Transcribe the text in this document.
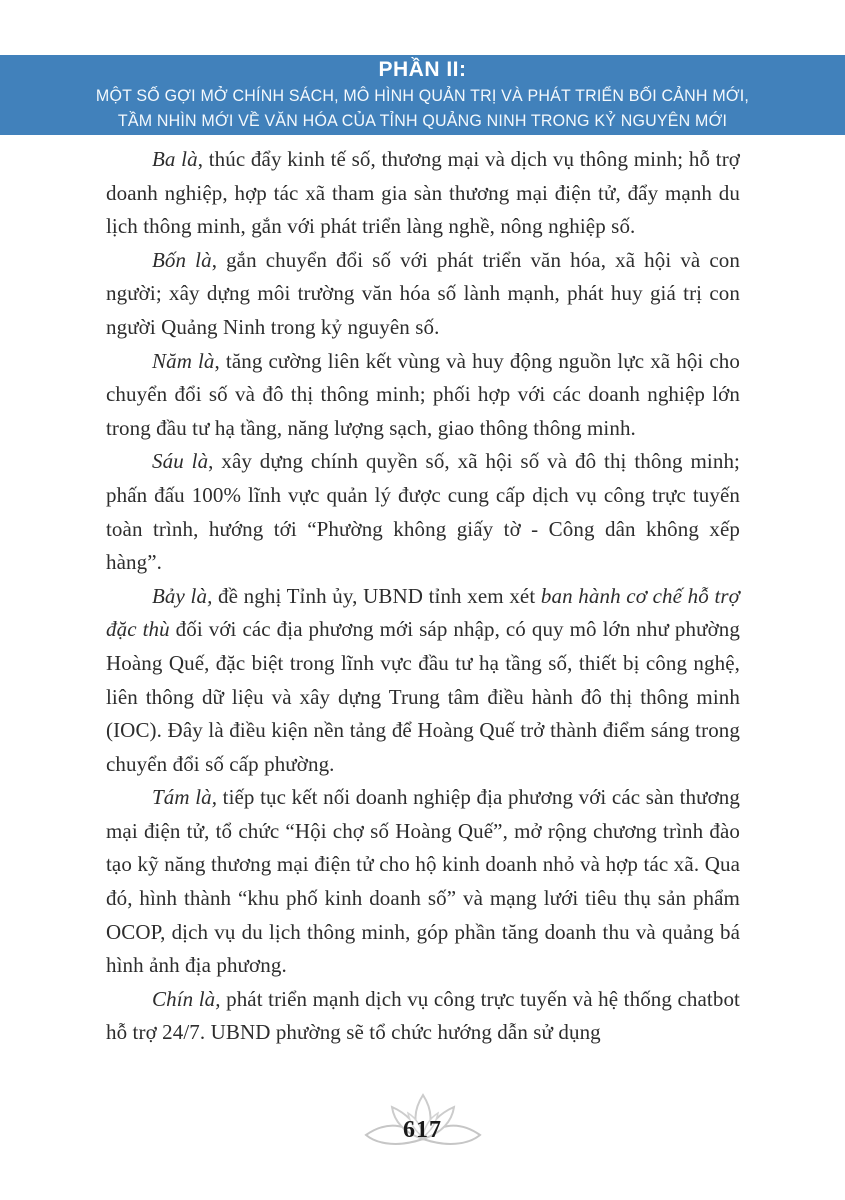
PHẦN II:
MỘT SỐ GỢI MỞ CHÍNH SÁCH, MÔ HÌNH QUẢN TRỊ VÀ PHÁT TRIỂN BỐI CẢNH MỚI,
TẦM NHÌN MỚI VỀ VĂN HÓA CỦA TỈNH QUẢNG NINH TRONG KỶ NGUYÊN MỚI

Ba là, thúc đẩy kinh tế số, thương mại và dịch vụ thông minh; hỗ trợ doanh nghiệp, hợp tác xã tham gia sàn thương mại điện tử, đẩy mạnh du lịch thông minh, gắn với phát triển làng nghề, nông nghiệp số.

Bốn là, gắn chuyển đổi số với phát triển văn hóa, xã hội và con người; xây dựng môi trường văn hóa số lành mạnh, phát huy giá trị con người Quảng Ninh trong kỷ nguyên số.

Năm là, tăng cường liên kết vùng và huy động nguồn lực xã hội cho chuyển đổi số và đô thị thông minh; phối hợp với các doanh nghiệp lớn trong đầu tư hạ tầng, năng lượng sạch, giao thông thông minh.

Sáu là, xây dựng chính quyền số, xã hội số và đô thị thông minh; phấn đấu 100% lĩnh vực quản lý được cung cấp dịch vụ công trực tuyến toàn trình, hướng tới “Phường không giấy tờ - Công dân không xếp hàng”.

Bảy là, đề nghị Tỉnh ủy, UBND tỉnh xem xét ban hành cơ chế hỗ trợ đặc thù đối với các địa phương mới sáp nhập, có quy mô lớn như phường Hoàng Quế, đặc biệt trong lĩnh vực đầu tư hạ tầng số, thiết bị công nghệ, liên thông dữ liệu và xây dựng Trung tâm điều hành đô thị thông minh (IOC). Đây là điều kiện nền tảng để Hoàng Quế trở thành điểm sáng trong chuyển đổi số cấp phường.

Tám là, tiếp tục kết nối doanh nghiệp địa phương với các sàn thương mại điện tử, tổ chức “Hội chợ số Hoàng Quế”, mở rộng chương trình đào tạo kỹ năng thương mại điện tử cho hộ kinh doanh nhỏ và hợp tác xã. Qua đó, hình thành “khu phố kinh doanh số” và mạng lưới tiêu thụ sản phẩm OCOP, dịch vụ du lịch thông minh, góp phần tăng doanh thu và quảng bá hình ảnh địa phương.

Chín là, phát triển mạnh dịch vụ công trực tuyến và hệ thống chatbot hỗ trợ 24/7. UBND phường sẽ tổ chức hướng dẫn sử dụng

617
